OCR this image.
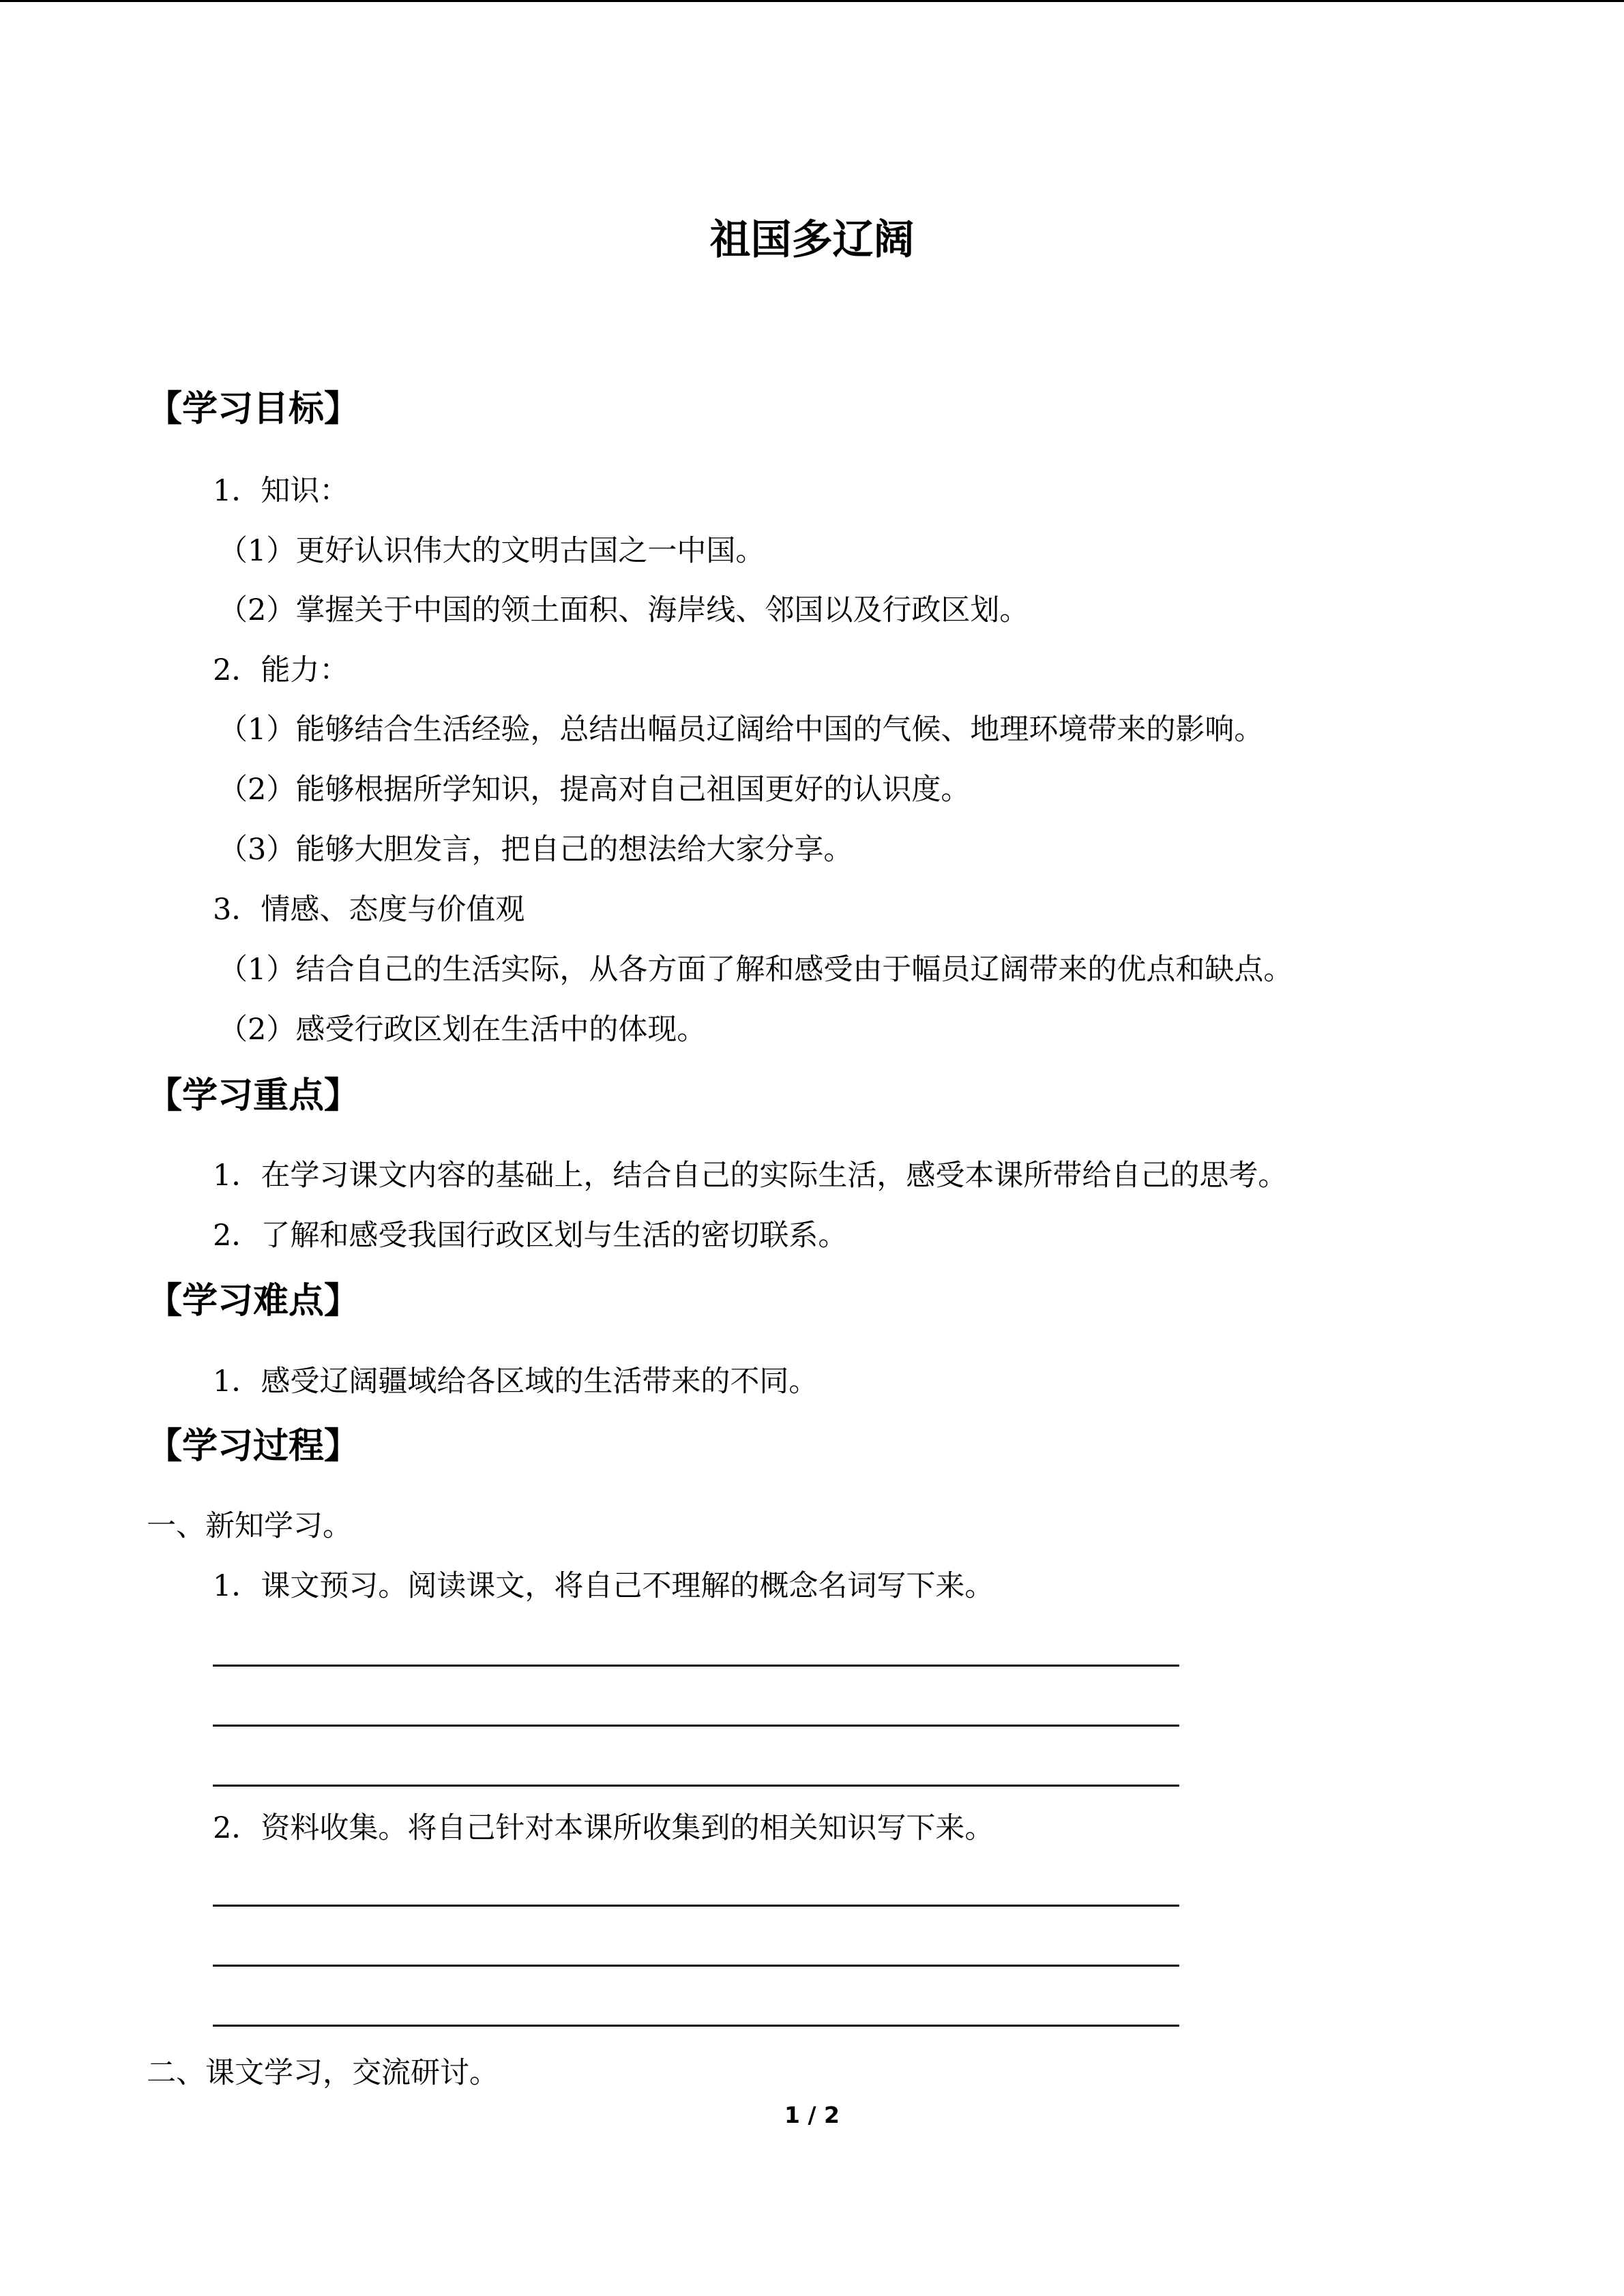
祖国多辽阔
【学习目标】
1．知识：
（1）更好认识伟大的文明古国之一中国。
（2）掌握关于中国的领土面积、海岸线、邻国以及行政区划。
2．能力：
（1）能够结合生活经验，总结出幅员辽阔给中国的气候、地理环境带来的影响。
（2）能够根据所学知识，提高对自己祖国更好的认识度。
（3）能够大胆发言，把自己的想法给大家分享。
3．情感、态度与价值观
（1）结合自己的生活实际，从各方面了解和感受由于幅员辽阔带来的优点和缺点。
（2）感受行政区划在生活中的体现。
【学习重点】
1．在学习课文内容的基础上，结合自己的实际生活，感受本课所带给自己的思考。
2．了解和感受我国行政区划与生活的密切联系。
【学习难点】
1．感受辽阔疆域给各区域的生活带来的不同。
【学习过程】
一、新知学习。
1．课文预习。阅读课文，将自己不理解的概念名词写下来。
2．资料收集。将自己针对本课所收集到的相关知识写下来。
二、课文学习，交流研讨。
1 / 2
